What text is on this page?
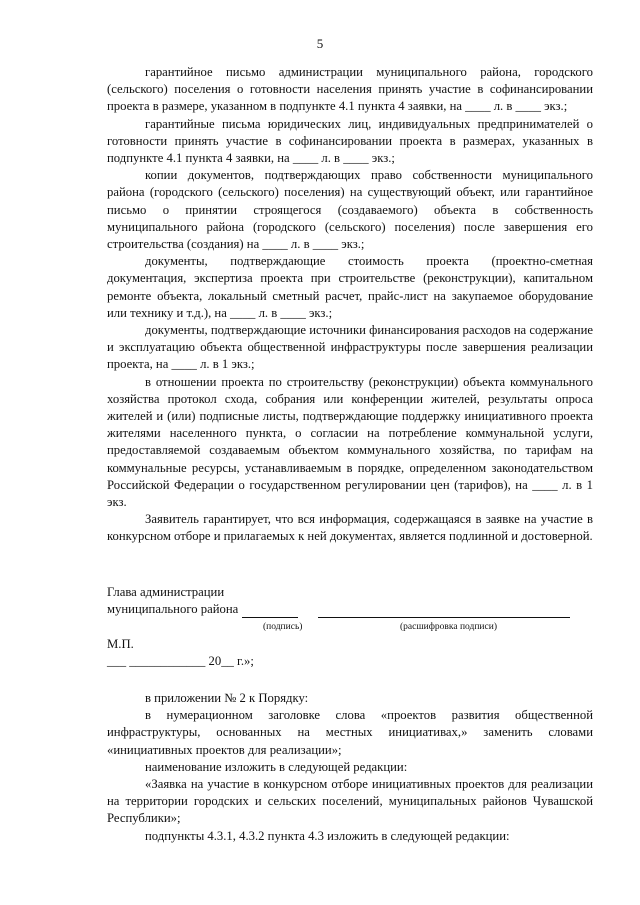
5

гарантийное письмо администрации муниципального района, городского (сельского) поселения о готовности населения принять участие в софинансировании проекта в размере, указанном в подпункте 4.1 пункта 4 заявки, на ____ л. в ____ экз.;

гарантийные письма юридических лиц, индивидуальных предпринимателей о готовности принять участие в софинансировании проекта в размерах, указанных в подпункте 4.1 пункта 4 заявки, на ____ л. в ____ экз.;

копии документов, подтверждающих право собственности муниципального района (городского (сельского) поселения) на существующий объект, или гарантийное письмо о принятии строящегося (создаваемого) объекта в собственность муниципального района (городского (сельского) поселения) после завершения его строительства (создания) на ____ л. в ____ экз.;

документы, подтверждающие стоимость проекта (проектно-сметная документация, экспертиза проекта при строительстве (реконструкции), капитальном ремонте объекта, локальный сметный расчет, прайс-лист на закупаемое оборудование или технику и т.д.), на ____ л. в ____ экз.;

документы, подтверждающие источники финансирования расходов на содержание и эксплуатацию объекта общественной инфраструктуры после завершения реализации проекта, на ____ л. в 1 экз.;

в отношении проекта по строительству (реконструкции) объекта коммунального хозяйства протокол схода, собрания или конференции жителей, результаты опроса жителей и (или) подписные листы, подтверждающие поддержку инициативного проекта жителями населенного пункта, о согласии на потребление коммунальной услуги, предоставляемой создаваемым объектом коммунального хозяйства, по тарифам на коммунальные ресурсы, устанавливаемым в порядке, определенном законодательством Российской Федерации о государственном регулировании цен (тарифов), на ____ л. в 1 экз.

Заявитель гарантирует, что вся информация, содержащаяся в заявке на участие в конкурсном отборе и прилагаемых к ней документах, является подлинной и достоверной.

Глава администрации
муниципального района
(подпись)	(расшифровка подписи)
М.П.
___ ____________ 20__ г.»;

в приложении № 2 к Порядку:

в нумерационном заголовке слова «проектов развития общественной инфраструктуры, основанных на местных инициативах,» заменить словами «инициативных проектов для реализации»;

наименование изложить в следующей редакции:

«Заявка на участие в конкурсном отборе инициативных проектов для реализации на территории городских и сельских поселений, муниципальных районов Чувашской Республики»;

подпункты 4.3.1, 4.3.2 пункта 4.3 изложить в следующей редакции:
